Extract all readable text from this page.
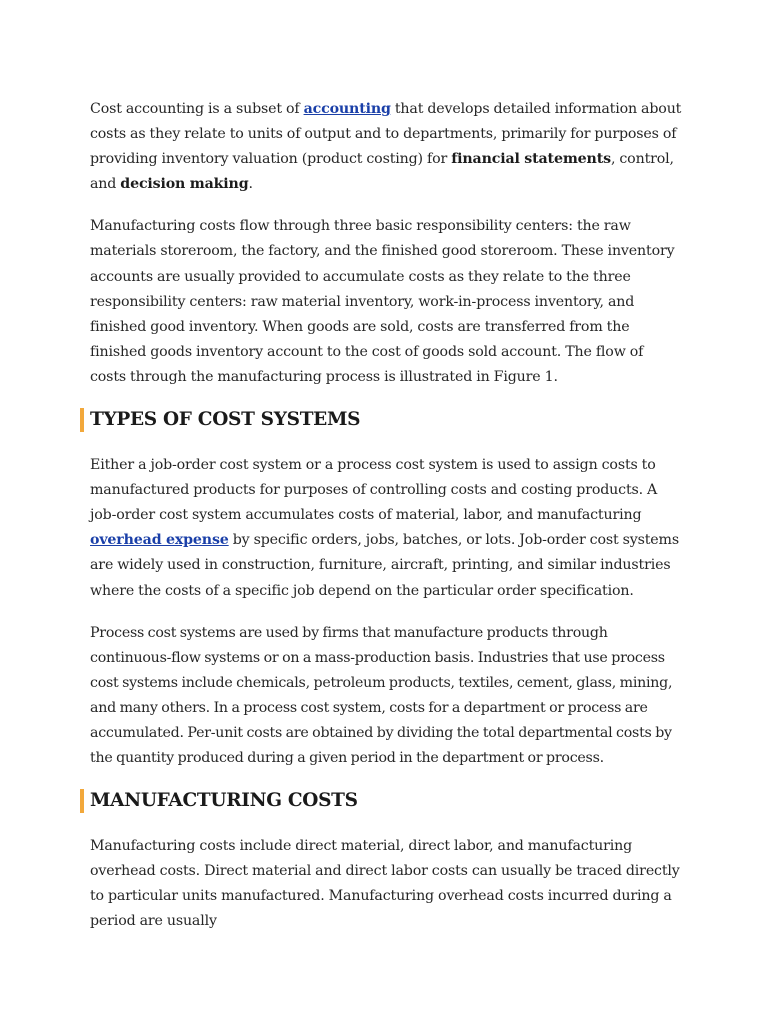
Cost accounting is a subset of accounting that develops detailed information about costs as they relate to units of output and to departments, primarily for purposes of providing inventory valuation (product costing) for financial statements, control, and decision making.

Manufacturing costs flow through three basic responsibility centers: the raw materials storeroom, the factory, and the finished good storeroom. These inventory accounts are usually provided to accumulate costs as they relate to the three responsibility centers: raw material inventory, work-in-process inventory, and finished good inventory. When goods are sold, costs are transferred from the finished goods inventory account to the cost of goods sold account. The flow of costs through the manufacturing process is illustrated in Figure 1.

TYPES OF COST SYSTEMS

Either a job-order cost system or a process cost system is used to assign costs to manufactured products for purposes of controlling costs and costing products. A job-order cost system accumulates costs of material, labor, and manufacturing overhead expense by specific orders, jobs, batches, or lots. Job-order cost systems are widely used in construction, furniture, aircraft, printing, and similar industries where the costs of a specific job depend on the particular order specification.

Process cost systems are used by firms that manufacture products through continuous-flow systems or on a mass-production basis. Industries that use process cost systems include chemicals, petroleum products, textiles, cement, glass, mining, and many others. In a process cost system, costs for a department or process are accumulated. Per-unit costs are obtained by dividing the total departmental costs by the quantity produced during a given period in the department or process.

MANUFACTURING COSTS

Manufacturing costs include direct material, direct labor, and manufacturing overhead costs. Direct material and direct labor costs can usually be traced directly to particular units manufactured. Manufacturing overhead costs incurred during a period are usually
